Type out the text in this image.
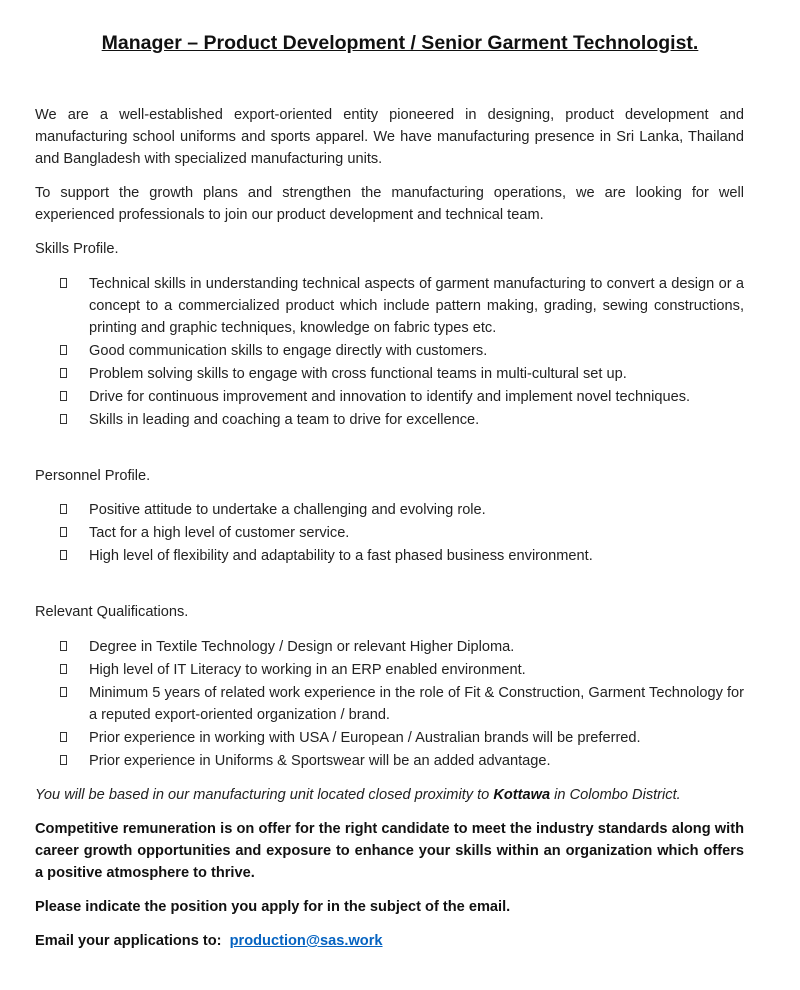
Manager – Product Development / Senior Garment Technologist.

We are a well-established export-oriented entity pioneered in designing, product development and manufacturing school uniforms and sports apparel. We have manufacturing presence in Sri Lanka, Thailand and Bangladesh with specialized manufacturing units.

To support the growth plans and strengthen the manufacturing operations, we are looking for well experienced professionals to join our product development and technical team.

Skills Profile.

Technical skills in understanding technical aspects of garment manufacturing to convert a design or a concept to a commercialized product which include pattern making, grading, sewing constructions, printing and graphic techniques, knowledge on fabric types etc.
Good communication skills to engage directly with customers.
Problem solving skills to engage with cross functional teams in multi-cultural set up.
Drive for continuous improvement and innovation to identify and implement novel techniques.
Skills in leading and coaching a team to drive for excellence.

Personnel Profile.

Positive attitude to undertake a challenging and evolving role.
Tact for a high level of customer service.
High level of flexibility and adaptability to a fast phased business environment.

Relevant Qualifications.

Degree in Textile Technology / Design or relevant Higher Diploma.
High level of IT Literacy to working in an ERP enabled environment.
Minimum 5 years of related work experience in the role of Fit & Construction, Garment Technology for a reputed export-oriented organization / brand.
Prior experience in working with USA / European / Australian brands will be preferred.
Prior experience in Uniforms & Sportswear will be an added advantage.

You will be based in our manufacturing unit located closed proximity to Kottawa in Colombo District.

Competitive remuneration is on offer for the right candidate to meet the industry standards along with career growth opportunities and exposure to enhance your skills within an organization which offers a positive atmosphere to thrive.

Please indicate the position you apply for in the subject of the email.

Email your applications to: production@sas.work
